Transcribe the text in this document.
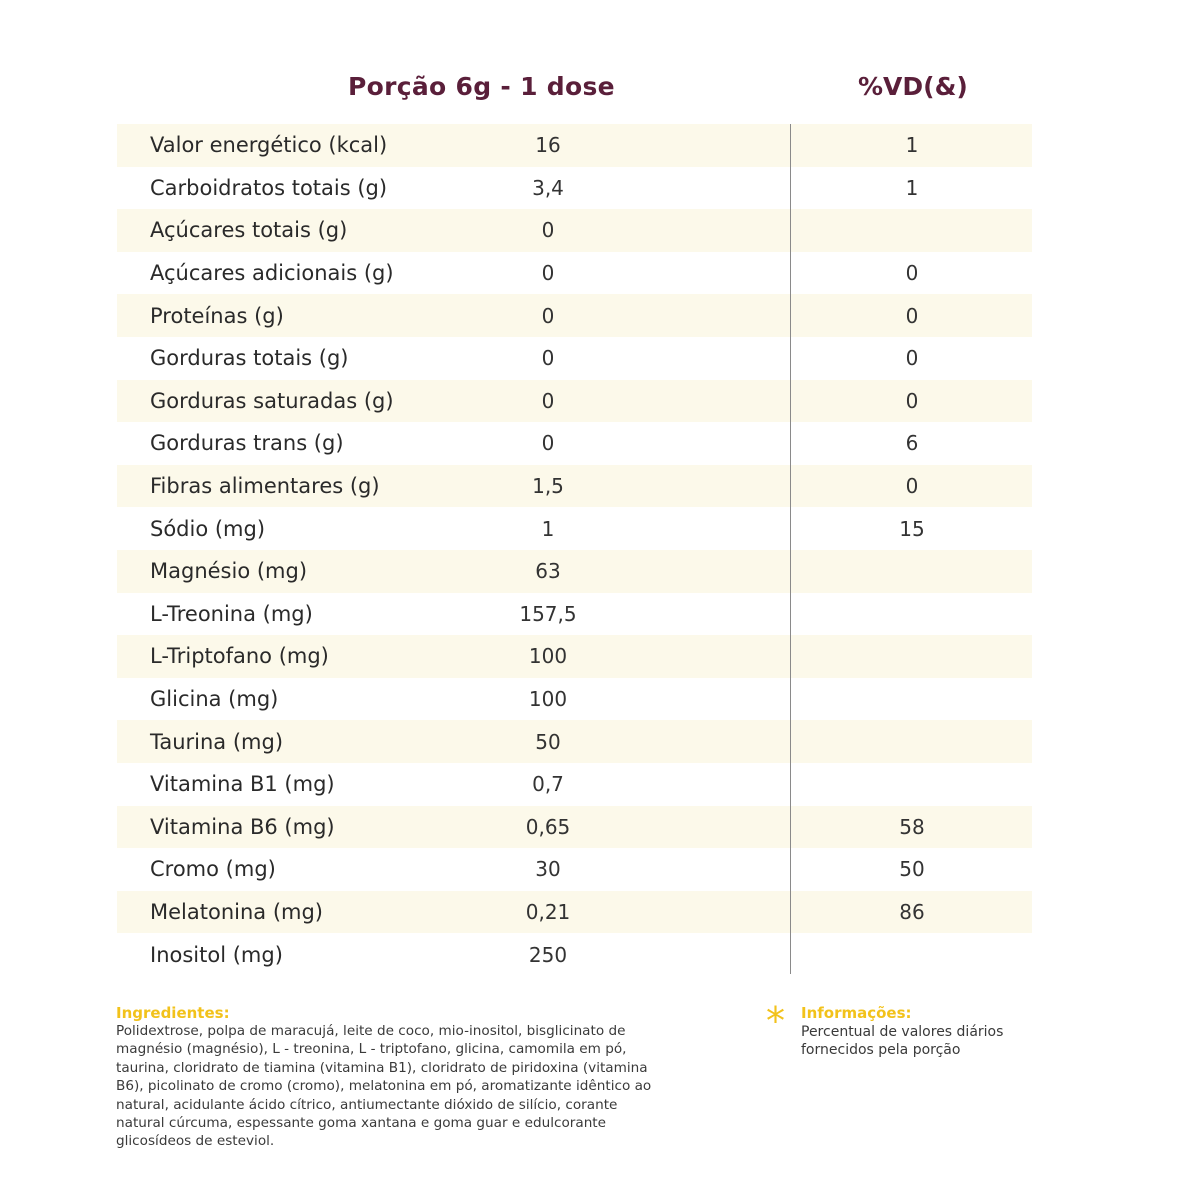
Porção 6g - 1 dose	%VD(&)
Valor energético (kcal)	16	1
Carboidratos totais (g)	3,4	1
Açúcares totais (g)	0
Açúcares adicionais (g)	0	0
Proteínas (g)	0	0
Gorduras totais (g)	0	0
Gorduras saturadas (g)	0	0
Gorduras trans (g)	0	6
Fibras alimentares (g)	1,5	0
Sódio (mg)	1	15
Magnésio (mg)	63
L-Treonina (mg)	157,5
L-Triptofano (mg)	100
Glicina (mg)	100
Taurina (mg)	50
Vitamina B1 (mg)	0,7
Vitamina B6 (mg)	0,65	58
Cromo (mg)	30	50
Melatonina (mg)	0,21	86
Inositol (mg)	250
Ingredientes:
Polidextrose, polpa de maracujá, leite de coco, mio-inositol, bisglicinato de
magnésio (magnésio), L - treonina, L - triptofano, glicina, camomila em pó,
taurina, cloridrato de tiamina (vitamina B1), cloridrato de piridoxina (vitamina
B6), picolinato de cromo (cromo), melatonina em pó, aromatizante idêntico ao
natural, acidulante ácido cítrico, antiumectante dióxido de silício, corante
natural cúrcuma, espessante goma xantana e goma guar e edulcorante
glicosídeos de esteviol.
* Informações:
Percentual de valores diários
fornecidos pela porção
